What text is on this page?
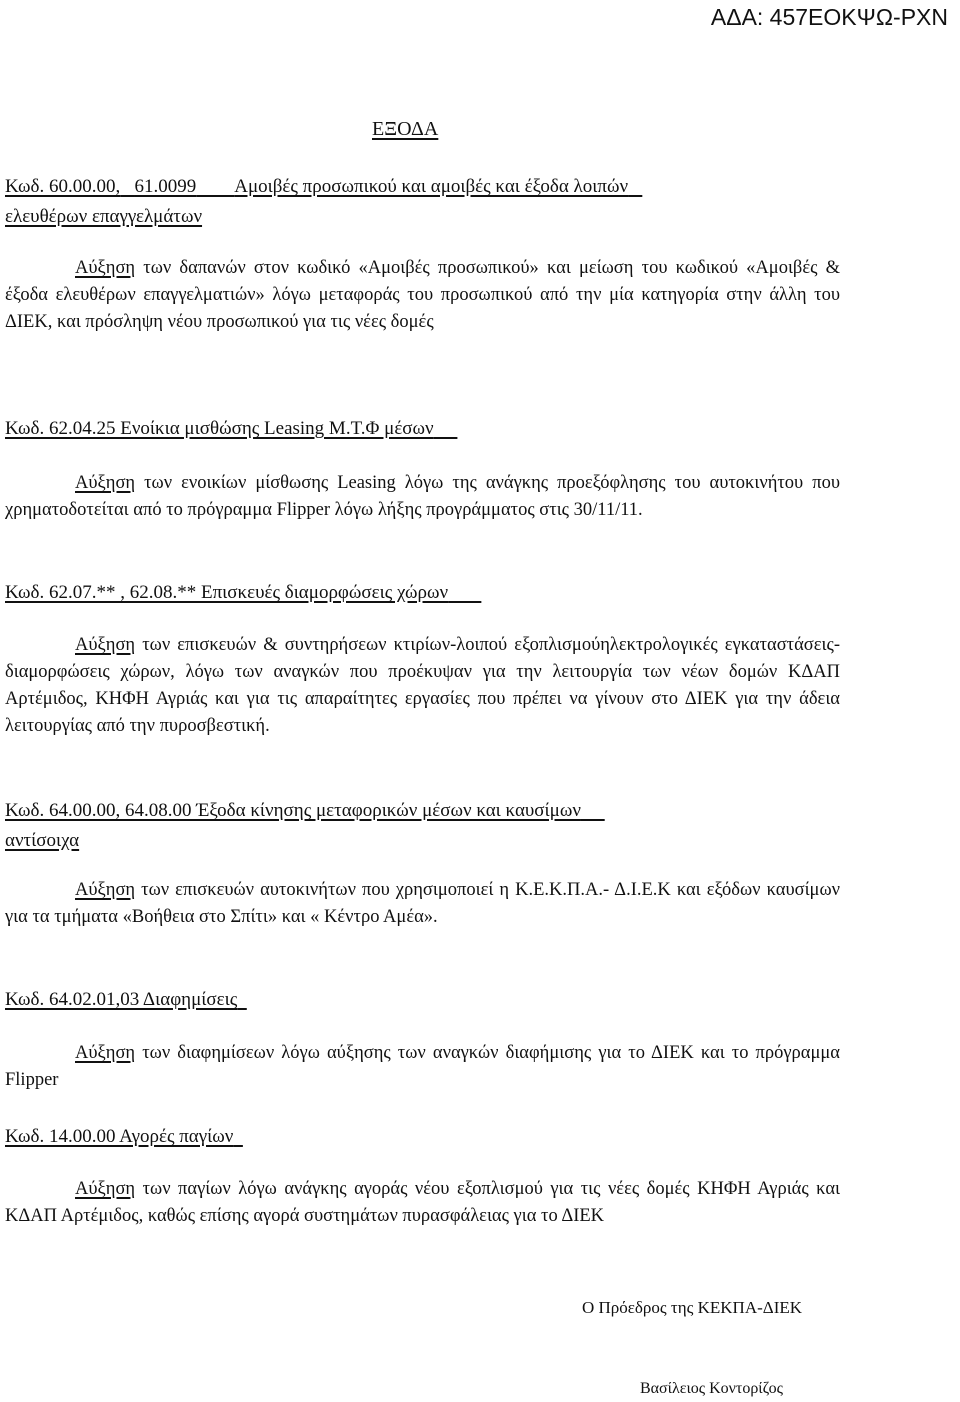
ΑΔΑ: 457ΕΟΚΨΩ-ΡΧΝ
ΕΞΟΔΑ
Κωδ. 60.00.00, 61.0099 Αμοιβές προσωπικού και αμοιβές και έξοδα λοιπών
ελευθέρων επαγγελμάτων

Αύξηση των δαπανών στον κωδικό «Αμοιβές προσωπικού» και μείωση του κωδικού «Αμοιβές & έξοδα ελευθέρων επαγγελματιών» λόγω μεταφοράς του προσωπικού από την μία κατηγορία στην άλλη του ΔΙΕΚ, και πρόσληψη νέου προσωπικού για τις νέες δομές

Κωδ. 62.04.25 Ενοίκια μισθώσης Leasing Μ.Τ.Φ μέσων

Αύξηση των ενοικίων μίσθωσης Leasing λόγω της ανάγκης προεξόφλησης του αυτοκινήτου που χρηματοδοτείται από το πρόγραμμα Flipper λόγω λήξης προγράμματος στις 30/11/11.

Κωδ. 62.07.** , 62.08.** Επισκευές διαμορφώσεις χώρων

Αύξηση των επισκευών & συντηρήσεων κτιρίων-λοιπού εξοπλισμούηλεκτρολογικές εγκαταστάσεις- διαμορφώσεις χώρων, λόγω των αναγκών που προέκυψαν για την λειτουργία των νέων δομών ΚΔΑΠ Αρτέμιδος, ΚΗΦΗ Αγριάς και για τις απαραίτητες εργασίες που πρέπει να γίνουν στο ΔΙΕΚ για την άδεια λειτουργίας από την πυροσβεστική.

Κωδ. 64.00.00, 64.08.00 Έξοδα κίνησης μεταφορικών μέσων και καυσίμων
αντίσοιχα

Αύξηση των επισκευών αυτοκινήτων που χρησιμοποιεί η Κ.Ε.Κ.Π.Α.- Δ.Ι.Ε.Κ και εξόδων καυσίμων για τα τμήματα «Βοήθεια στο Σπίτι» και « Κέντρο Αμέα».

Κωδ. 64.02.01,03 Διαφημίσεις

Αύξηση των διαφημίσεων λόγω αύξησης των αναγκών διαφήμισης για το ΔΙΕΚ και το πρόγραμμα Flipper

Κωδ. 14.00.00 Αγορές παγίων

Αύξηση των παγίων λόγω ανάγκης αγοράς νέου εξοπλισμού για τις νέες δομές ΚΗΦΗ Αγριάς και ΚΔΑΠ Αρτέμιδος, καθώς επίσης αγορά συστημάτων πυρασφάλειας για το ΔΙΕΚ

Ο Πρόεδρος της ΚΕΚΠΑ-ΔΙΕΚ
Βασίλειος Κοντορίζος
